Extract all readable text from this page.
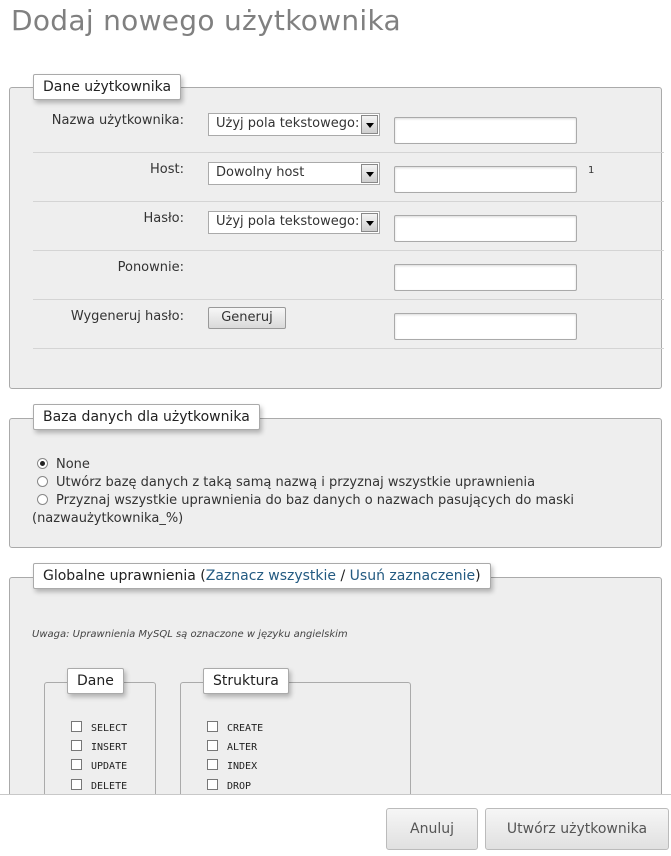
Dodaj nowego użytkownika
Nazwa użytkownika:	Użyj pola tekstowego:
Host:	Dowolny host	1
Hasło:	Użyj pola tekstowego:
Ponownie:
Wygeneruj hasło:	Generuj
Dane użytkownika
None
Utwórz bazę danych z taką samą nazwą i przyznaj wszystkie uprawnienia
Przyznaj wszystkie uprawnienia do baz danych o nazwach pasujących do maski
(nazwaużytkownika_%)
Baza danych dla użytkownika
Uwaga: Uprawnienia MySQL są oznaczone w języku angielskim
SELECT
INSERT
UPDATE
DELETE
Dane
CREATE
ALTER
INDEX
DROP
Struktura
Globalne uprawnienia (Zaznacz wszystkie / Usuń zaznaczenie)
Anuluj	Utwórz użytkownika
